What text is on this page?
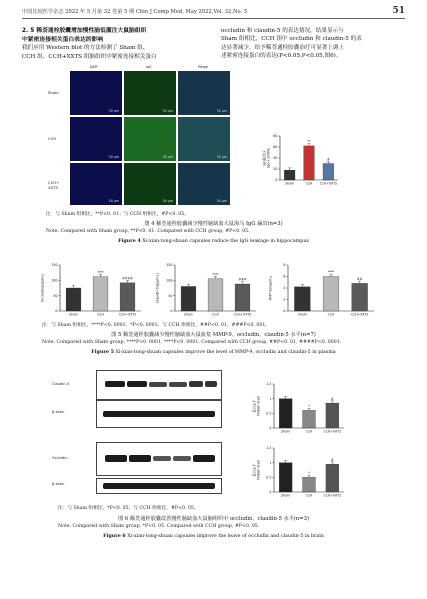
中国比较医学杂志 2022 年 5 月第 32 卷第 5 期 Chin J Comp Med, May 2022,Vol. 32,No. 5	51
2. 5 稀莶通栓胶囊增加慢性脑低灌注大鼠脑组织
中紧密连接相关蛋白表达的影响
我们应用 Western blot 的方法检测了 Sham 组、
CCH 组、CCH+XXTS 组脑组织中紧密连接相关蛋白
occludin 和 claudin-5 的表达情况。结果显示与
Sham 组相比，CCH 组中 occludin 和 claudin-5 的表
达显著减少，给予稀莶通栓胶囊治疗可显著上调上
述紧密连接蛋白的表达(P<0.05,P<0.05,图6)。
DAPI	IgG	Merge
50 μm	50 μm	50 μm
50 μm	50 μm	50 μm
50 μm	50 μm	50 μm
Sham
CCH
CCH+
XXTS
0
20
40
60
80
IgG阳性区 IgG+ profile
Sham
**
CCH
#
CCH+XXTS
注：与 Sham 组相比，**P<0. 01；与 CCH 组相比，#P<0. 05。
图 4 稀莶通栓胶囊减少慢性脑缺血大鼠海马 IgG 漏出(n=3)
Note. Compared with Sham group, **P<0. 01. Compared with CCH group, #P<0. 05.
Figure 4 Xi-xian-tong-shuan capsules reduce the IgG leakage in hippocampus
0
50
100
150
Occludin/(pg/mL)
Sham
****
CCH
####
CCH+XXTS
0
50
100
150
Claudin-5/(pg/mL)
Sham
****
CCH
###
CCH+XXTS
0
2
4
6
8
MMP-9/(ng/mL)
Sham
****
CCH
##
CCH+XXTS
注：与 Sham 组相比，****P<0. 0001，*P<0. 0001；与 CCH 组相比，##P<0. 01，###P<0. 001。
图 5 稀莶通栓胶囊减少慢性脑缺血大鼠血浆 MMP-9、occludin、claudin-5 水平(n=7)
Note. Compared with Sham group, ****P<0. 0001, ****P<0. 0001. Compared with CCH group, ##P<0. 01, ####P<0. 0001.
Figure 5 Xi-xian-tong-shuan capsules improve the level of MMP-9, occludin and claudin-5 in plasma
Claudin-5
β-actin
0
0.5
1
1.5
蛋白水平 Protein level
Sham
*
CCH
#
CCH+XXTS
Occludin
β-actin
0
0.5
1
1.5
蛋白水平 Protein level
Sham
*
CCH
#
CCH+XXTS
注：与 Sham 组相比，*P<0. 05；与 CCH 组相比，#P<0. 05。
图 6 稀莶通栓胶囊改善慢性脑缺血大鼠脑组织中 occludin、claudin-5 水平(n=3)
Note. Compared with Sham group, *P<0. 05. Compared with CCH group, #P<0. 05.
Figure 6 Xi-xian-tong-shuan capsules improve the leave of occludin and claudin-5 in brain
